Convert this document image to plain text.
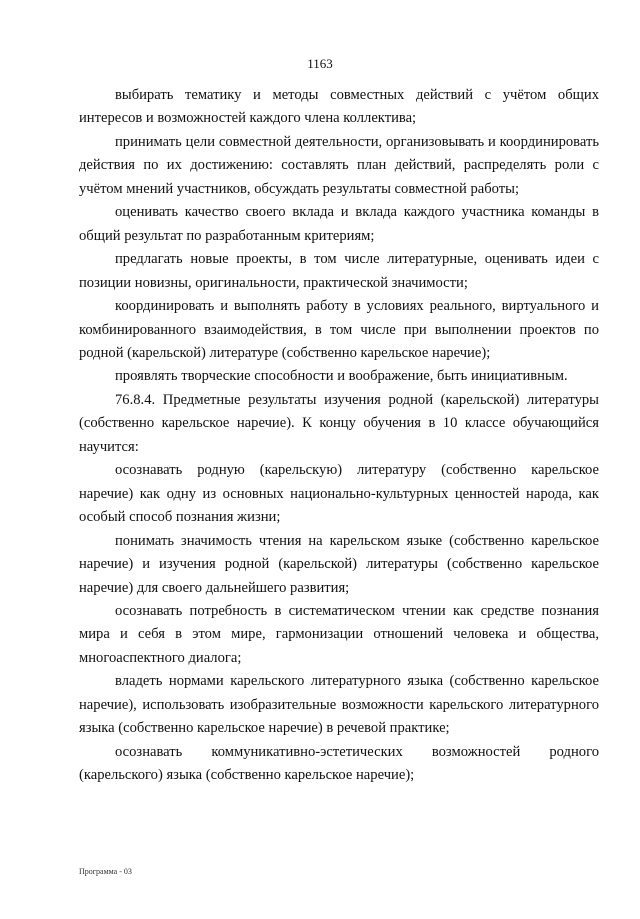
1163

выбирать тематику и методы совместных действий с учётом общих интересов и возможностей каждого члена коллектива;

принимать цели совместной деятельности, организовывать и координировать действия по их достижению: составлять план действий, распределять роли с учётом мнений участников, обсуждать результаты совместной работы;

оценивать качество своего вклада и вклада каждого участника команды в общий результат по разработанным критериям;

предлагать новые проекты, в том числе литературные, оценивать идеи с позиции новизны, оригинальности, практической значимости;

координировать и выполнять работу в условиях реального, виртуального и комбинированного взаимодействия, в том числе при выполнении проектов по родной (карельской) литературе (собственно карельское наречие);

проявлять творческие способности и воображение, быть инициативным.

76.8.4. Предметные результаты изучения родной (карельской) литературы (собственно карельское наречие). К концу обучения в 10 классе обучающийся научится:

осознавать родную (карельскую) литературу (собственно карельское наречие) как одну из основных национально-культурных ценностей народа, как особый способ познания жизни;

понимать значимость чтения на карельском языке (собственно карельское наречие) и изучения родной (карельской) литературы (собственно карельское наречие) для своего дальнейшего развития;

осознавать потребность в систематическом чтении как средстве познания мира и себя в этом мире, гармонизации отношений человека и общества, многоаспектного диалога;

владеть нормами карельского литературного языка (собственно карельское наречие), использовать изобразительные возможности карельского литературного языка (собственно карельское наречие) в речевой практике;

осознавать коммуникативно-эстетических возможностей родного (карельского) языка (собственно карельское наречие);

Программа - 03
